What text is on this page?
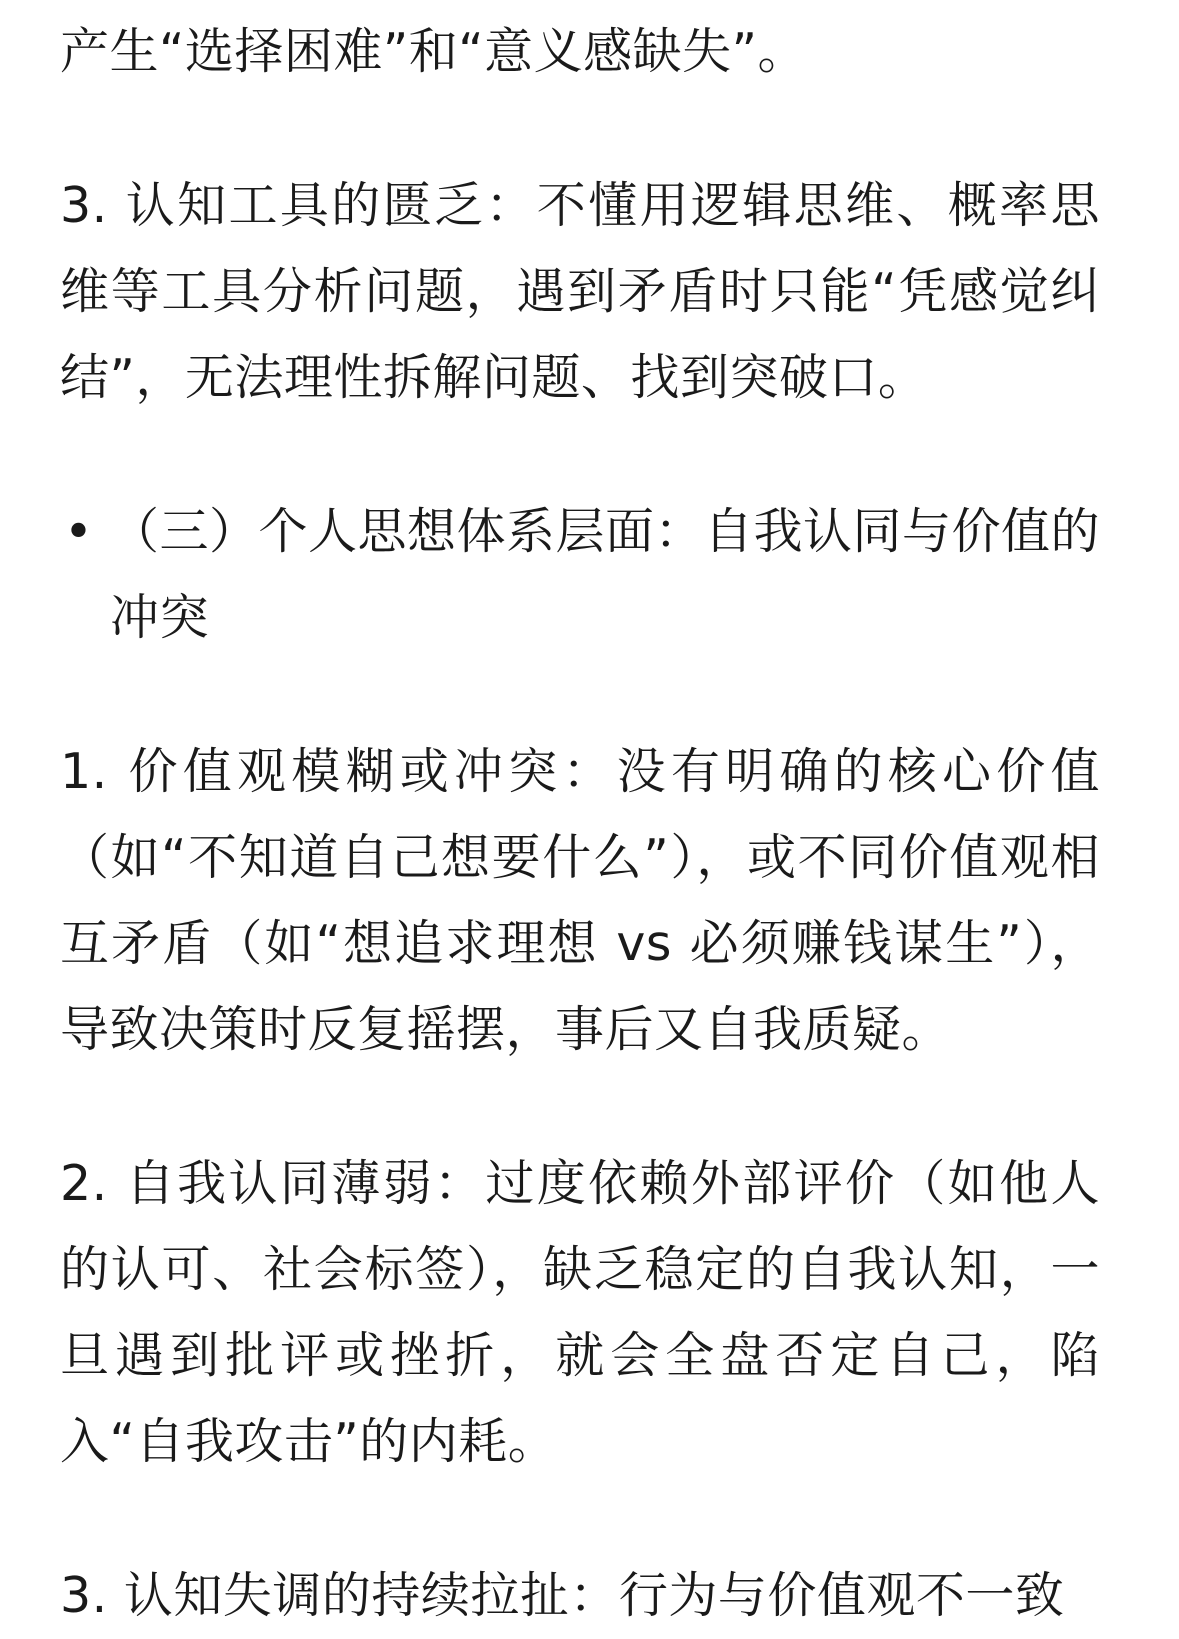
产生“选择困难”和“意义感缺失”。

3. 认知工具的匮乏：不懂用逻辑思维、概率思维等工具分析问题，遇到矛盾时只能“凭感觉纠结”，无法理性拆解问题、找到突破口。

• （三）个人思想体系层面：自我认同与价值的冲突

1. 价值观模糊或冲突：没有明确的核心价值（如“不知道自己想要什么”），或不同价值观相互矛盾（如“想追求理想 vs 必须赚钱谋生”），导致决策时反复摇摆，事后又自我质疑。

2. 自我认同薄弱：过度依赖外部评价（如他人的认可、社会标签），缺乏稳定的自我认知，一旦遇到批评或挫折，就会全盘否定自己，陷入“自我攻击”的内耗。

3. 认知失调的持续拉扯：行为与价值观不一致
